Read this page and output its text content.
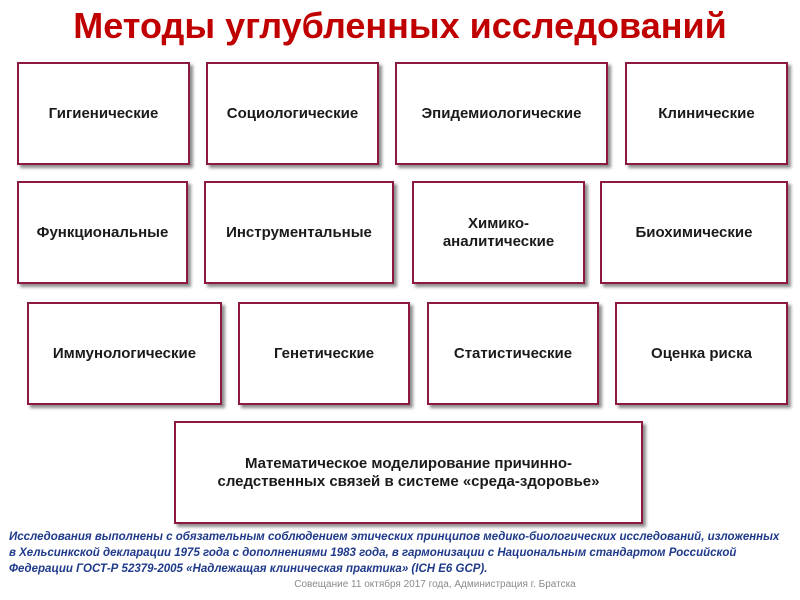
Методы углубленных исследований
Гигиенические	Социологические	Эпидемиологические	Клинические
Функциональные	Инструментальные
Химико-
аналитические
Биохимические
Иммунологические	Генетические	Статистические	Оценка риска
Математическое моделирование причинно-
следственных связей в системе «среда-здоровье»
Исследования выполнены с обязательным соблюдением этических принципов медико-биологических исследований, изложенных в Хельсинкской декларации 1975 года с дополнениями 1983 года, в гармонизации с Национальным стандартом Российской Федерации ГОСТ-Р 52379-2005 «Надлежащая клиническая практика» (ICH E6 GCP).
Совещание 11 октября 2017 года, Администрация г. Братска
